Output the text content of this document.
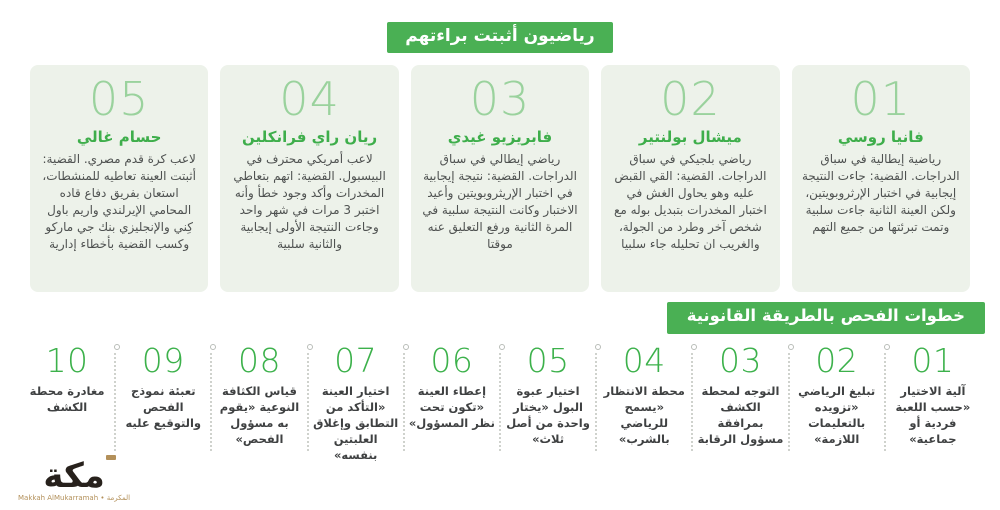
رياضيون أثبتت براءتهم
01
فانيا روسي
رياضية إيطالية في سباق الدراجات. القضية: جاءت النتيجة إيجابية في اختبار الإرثروبويتين، ولكن العينة الثانية جاءت سلبية وتمت تبرئتها من جميع التهم
02
ميشال بولنتير
رياضي بلجيكي في سباق الدراجات. القضية: القي القبض عليه وهو يحاول الغش في اختبار المخدرات بتبديل بوله مع شخص آخر وطرد من الجولة، والغريب ان تحليله جاء سلبيا
03
فابريزيو غيدي
رياضي إيطالي في سباق الدراجات. القضية: نتيجة إيجابية في اختبار الإريثروبويتين وأعيد الاختبار وكانت النتيجة سلبية في المرة الثانية ورفع التعليق عنه موقتا
04
ريان راي فرانكلين
لاعب أمريكي محترف في البيسبول. القضية: اتهم بتعاطي المخدرات وأكد وجود خطأ وأنه اختبر 3 مرات في شهر واحد وجاءت النتيجة الأولى إيجابية والثانية سلبية
05
حسام غالي
لاعب كرة قدم مصري. القضية: أثبتت العينة تعاطيه للمنشطات، استعان بفريق دفاع قاده المحامي الإيرلندي واريم باول كِني والإنجليزي بنك جي ماركو وكسب القضية بأخطاء إدارية
خطوات الفحص بالطريقة القانونية
01
آلية الاختيار «حسب اللعبة فردية أو جماعية»
02
تبليغ الرياضي «تزويده بالتعليمات اللازمة»
03
التوجه لمحطة الكشف بمرافقة مسؤول الرقابة
04
محطة الانتظار «يسمح للرياضي بالشرب»
05
اختيار عبوة البول «يختار واحدة من أصل ثلاث»
06
إعطاء العينة «تكون تحت نظر المسؤول»
07
اختيار العينة «التأكد من التطابق وإغلاق العلبتين بنفسه»
08
قياس الكثافة النوعية «يقوم به مسؤول الفحص»
09
تعبئة نموذج الفحص والتوقيع عليه
10
مغادرة محطة الكشف
مكة
المكرمة • Makkah AlMukarramah
